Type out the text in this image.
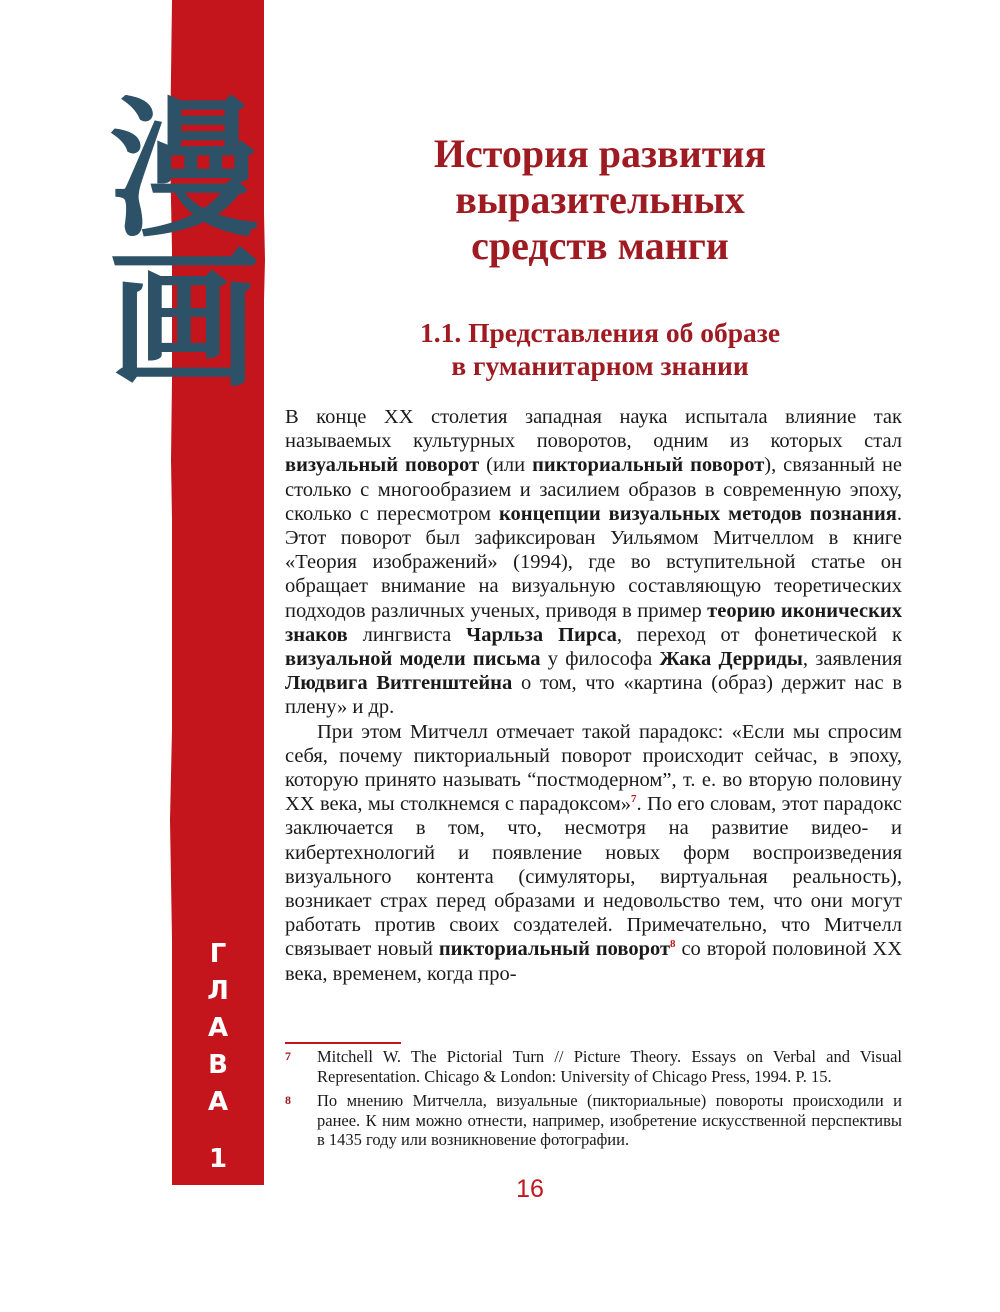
漫
画
Г
Л
А
В
А
1
История развития
выразительных
средств манги
1.1. Представления об образе
в гуманитарном знании

В конце XX столетия западная наука испытала влияние так называемых культурных поворотов, одним из которых стал визуальный поворот (или пикториальный поворот), связанный не столько с многообразием и засилием образов в современную эпоху, сколько с пересмотром концепции визуальных методов познания. Этот поворот был зафиксирован Уильямом Митчеллом в книге «Теория изображений» (1994), где во вступительной статье он обращает внимание на визуальную составляющую теоретических подходов различных ученых, приводя в пример теорию иконических знаков лингвиста Чарльза Пирса, переход от фонетической к визуальной модели письма у философа Жака Дерриды, заявления Людвига Витгенштейна о том, что «картина (образ) держит нас в плену» и др.

При этом Митчелл отмечает такой парадокс: «Если мы спросим себя, почему пикториальный поворот происходит сейчас, в эпоху, которую принято называть “постмодерном”, т. е. во вторую половину XX века, мы столкнемся с парадоксом»$^7$. По его словам, этот парадокс заключается в том, что, несмотря на развитие видео- и кибертехнологий и появление новых форм воспроизведения визуального контента (симуляторы, виртуальная реальность), возникает страх перед образами и недовольство тем, что они могут работать против своих создателей. Примечательно, что Митчелл связывает новый пикториальный поворот$^8$ со второй половиной XX века, временем, когда про-

7 Mitchell W. The Pictorial Turn // Picture Theory. Essays on Verbal and Visual Representation. Chicago & London: University of Chicago Press, 1994. P. 15.
8 По мнению Митчелла, визуальные (пикториальные) повороты происходили и ранее. К ним можно отнести, например, изобретение искусственной перспективы в 1435 году или возникновение фотографии.
16
